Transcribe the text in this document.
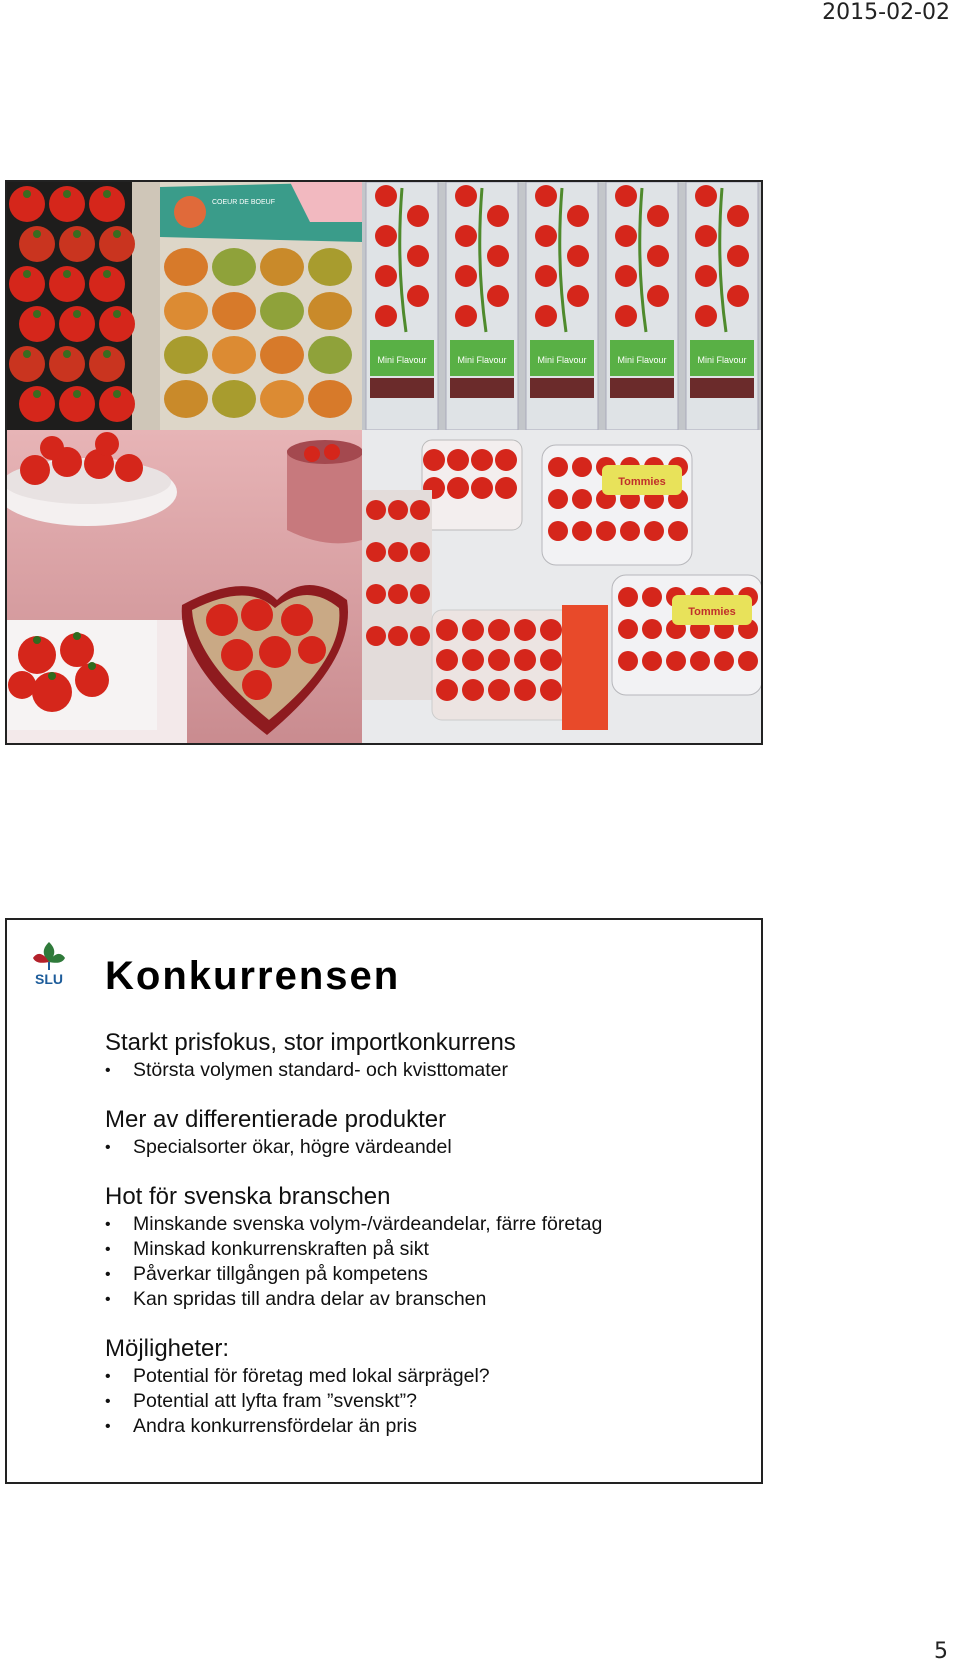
2015-02-02
COEUR DE BOEUF
Mini Flavour	Mini Flavour	Mini Flavour	Mini Flavour	Mini Flavour
Tommies
Tommies
SLU Konkurrensen
Starkt prisfokus, stor importkonkurrens
• Största volymen standard- och kvisttomater
Mer av differentierade produkter
• Specialsorter ökar, högre värdeandel
Hot för svenska branschen
• Minskande svenska volym-/värdeandelar, färre företag
• Minskad konkurrenskraften på sikt
• Påverkar tillgången på kompetens
• Kan spridas till andra delar av branschen
Möjligheter:
• Potential för företag med lokal särprägel?
• Potential att lyfta fram ”svenskt”?
• Andra konkurrensfördelar än pris
5
